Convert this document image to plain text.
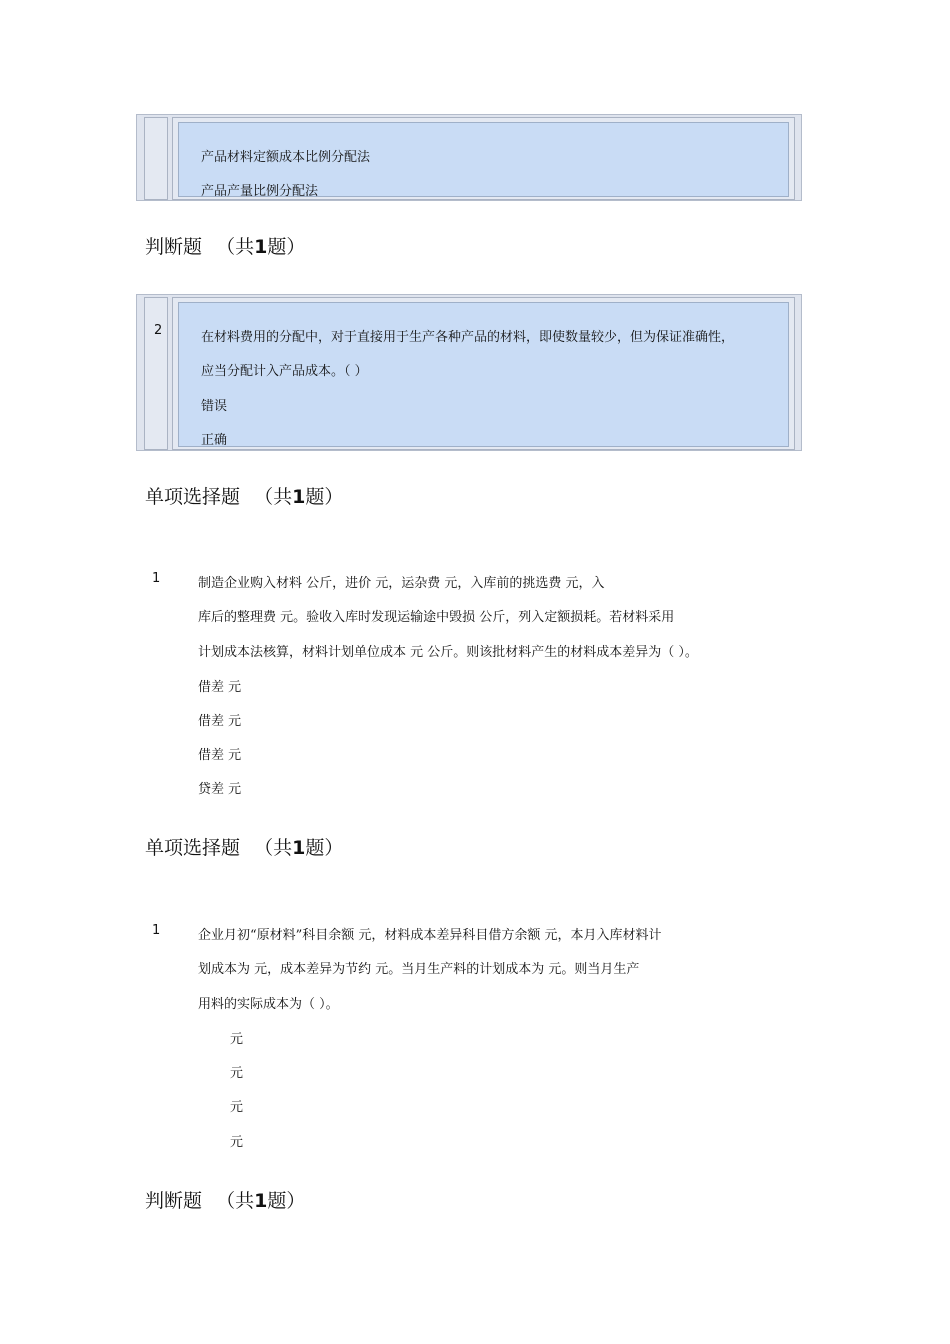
产品材料定额成本比例分配法
产品产量比例分配法
判断题 （共1题）
2	在材料费用的分配中，对于直接用于生产各种产品的材料，即使数量较少，但为保证准确性，
应当分配计入产品成本。（ ）
错误
正确
单项选择题 （共1题）
1	制造企业购入材料 公斤，进价 元，运杂费 元，入库前的挑选费 元，入
库后的整理费 元。验收入库时发现运输途中毁损 公斤，列入定额损耗。若材料采用
计划成本法核算，材料计划单位成本 元 公斤。则该批材料产生的材料成本差异为（ ）。
借差 元
借差 元
借差 元
贷差 元
单项选择题 （共1题）
1	企业月初“原材料”科目余额 元，材料成本差异科目借方余额 元，本月入库材料计
划成本为 元，成本差异为节约 元。当月生产料的计划成本为 元。则当月生产
用料的实际成本为（ ）。
元
元
元
元
判断题 （共1题）
